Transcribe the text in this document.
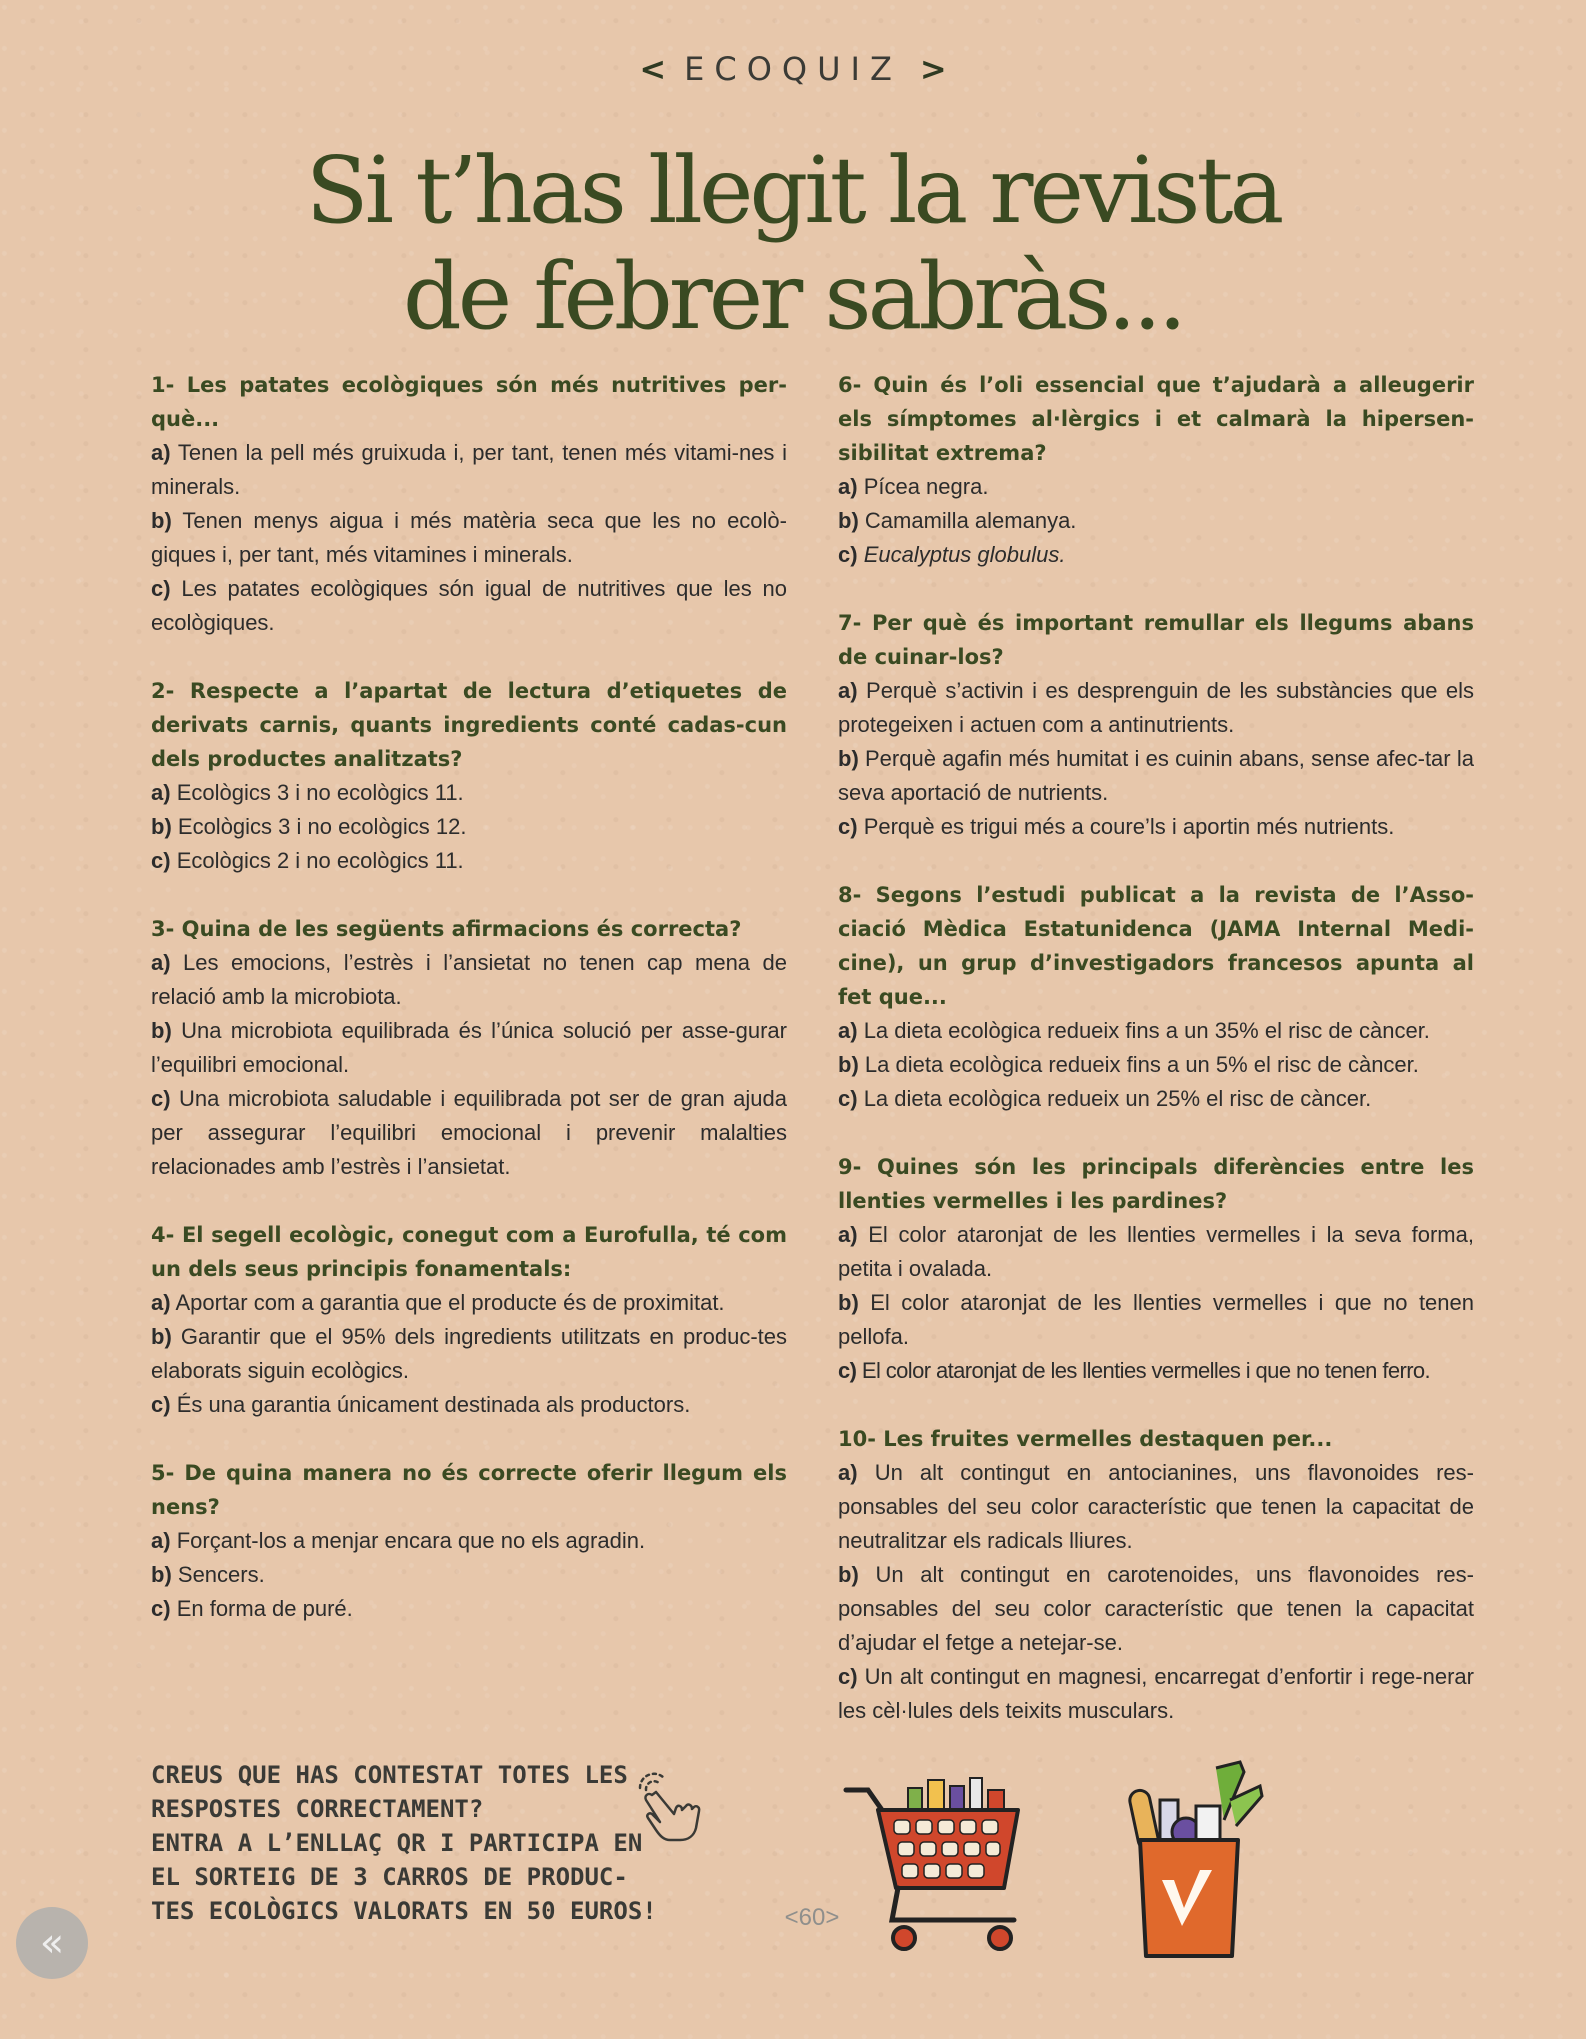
< ECOQUIZ >
Si t’has llegit la revista
de febrer sabràs...
1- Les patates ecològiques són més nutritives per-què...
a) Tenen la pell més gruixuda i, per tant, tenen més vitami-nes i minerals.
b) Tenen menys aigua i més matèria seca que les no ecolò-giques i, per tant, més vitamines i minerals.
c) Les patates ecològiques són igual de nutritives que les no ecològiques.
2- Respecte a l’apartat de lectura d’etiquetes de derivats carnis, quants ingredients conté cadas-cun dels productes analitzats?
a) Ecològics 3 i no ecològics 11.
b) Ecològics 3 i no ecològics 12.
c) Ecològics 2 i no ecològics 11.
3- Quina de les següents afirmacions és correcta?
a) Les emocions, l’estrès i l’ansietat no tenen cap mena de relació amb la microbiota.
b) Una microbiota equilibrada és l’única solució per asse-gurar l’equilibri emocional.
c) Una microbiota saludable i equilibrada pot ser de gran ajuda per assegurar l’equilibri emocional i prevenir malalties relacionades amb l’estrès i l’ansietat.
4- El segell ecològic, conegut com a Eurofulla, té com un dels seus principis fonamentals:
a) Aportar com a garantia que el producte és de proximitat.
b) Garantir que el 95% dels ingredients utilitzats en produc-tes elaborats siguin ecològics.
c) És una garantia únicament destinada als productors.
5- De quina manera no és correcte oferir llegum els nens?
a) Forçant-los a menjar encara que no els agradin.
b) Sencers.
c) En forma de puré.
6- Quin és l’oli essencial que t’ajudarà a alleugerir els símptomes al·lèrgics i et calmarà la hipersen-sibilitat extrema?
a) Pícea negra.
b) Camamilla alemanya.
c) Eucalyptus globulus.
7- Per què és important remullar els llegums abans de cuinar-los?
a) Perquè s’activin i es desprenguin de les substàncies que els protegeixen i actuen com a antinutrients.
b) Perquè agafin més humitat i es cuinin abans, sense afec-tar la seva aportació de nutrients.
c) Perquè es trigui més a coure’ls i aportin més nutrients.
8- Segons l’estudi publicat a la revista de l’Asso-ciació Mèdica Estatunidenca (JAMA Internal Medi-cine), un grup d’investigadors francesos apunta al fet que...
a) La dieta ecològica redueix fins a un 35% el risc de càncer.
b) La dieta ecològica redueix fins a un 5% el risc de càncer.
c) La dieta ecològica redueix un 25% el risc de càncer.
9- Quines són les principals diferències entre les llenties vermelles i les pardines?
a) El color ataronjat de les llenties vermelles i la seva forma, petita i ovalada.
b) El color ataronjat de les llenties vermelles i que no tenen pellofa.
c) El color ataronjat de les llenties vermelles i que no tenen ferro.
10- Les fruites vermelles destaquen per...
a) Un alt contingut en antocianines, uns flavonoides res-ponsables del seu color característic que tenen la capacitat de neutralitzar els radicals lliures.
b) Un alt contingut en carotenoides, uns flavonoides res-ponsables del seu color característic que tenen la capacitat d’ajudar el fetge a netejar-se.
c) Un alt contingut en magnesi, encarregat d’enfortir i rege-nerar les cèl·lules dels teixits musculars.
CREUS QUE HAS CONTESTAT TOTES LES
RESPOSTES CORRECTAMENT?
ENTRA A L’ENLLAÇ QR I PARTICIPA EN
EL SORTEIG DE 3 CARROS DE PRODUC-
TES ECOLÒGICS VALORATS EN 50 EUROS!	<60>
«
